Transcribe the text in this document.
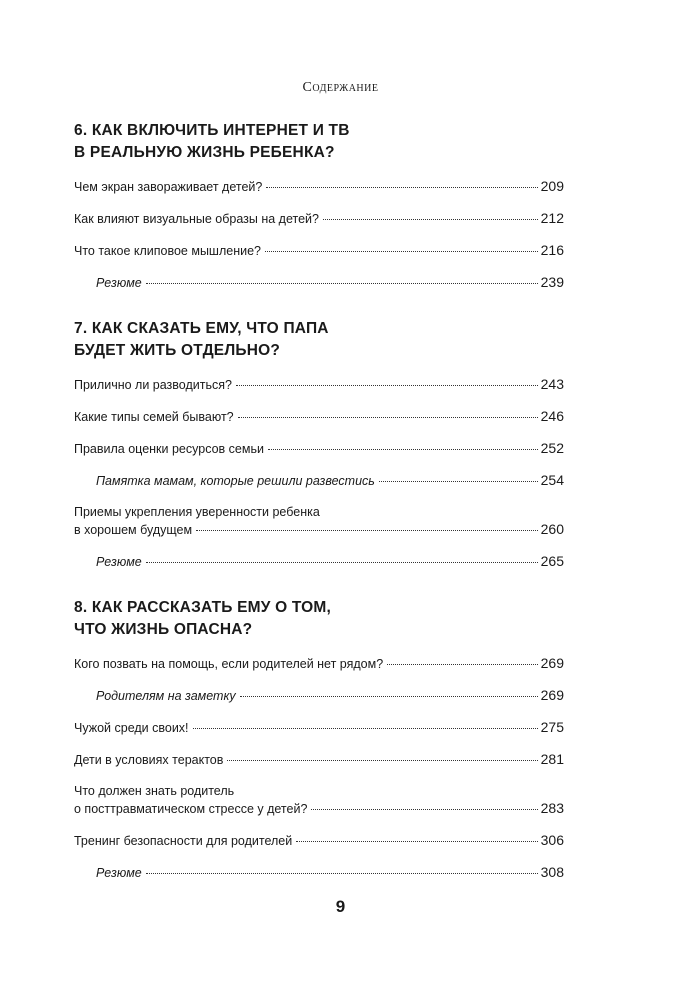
Содержание
6. КАК ВКЛЮЧИТЬ ИНТЕРНЕТ И ТВ
В РЕАЛЬНУЮ ЖИЗНЬ РЕБЕНКА?
Чем экран завораживает детей?	209
Как влияют визуальные образы на детей?	212
Что такое клиповое мышление?	216
Резюме	239
7. КАК СКАЗАТЬ ЕМУ, ЧТО ПАПА
БУДЕТ ЖИТЬ ОТДЕЛЬНО?
Прилично ли разводиться?	243
Какие типы семей бывают?	246
Правила оценки ресурсов семьи	252
Памятка мамам, которые решили развестись	254
Приемы укрепления уверенности ребенка
в хорошем будущем	260
Резюме	265
8. КАК РАССКАЗАТЬ ЕМУ О ТОМ,
ЧТО ЖИЗНЬ ОПАСНА?
Кого позвать на помощь, если родителей нет рядом?	269
Родителям на заметку	269
Чужой среди своих!	275
Дети в условиях терактов	281
Что должен знать родитель
о посттравматическом стрессе у детей?	283
Тренинг безопасности для родителей	306
Резюме	308
9
